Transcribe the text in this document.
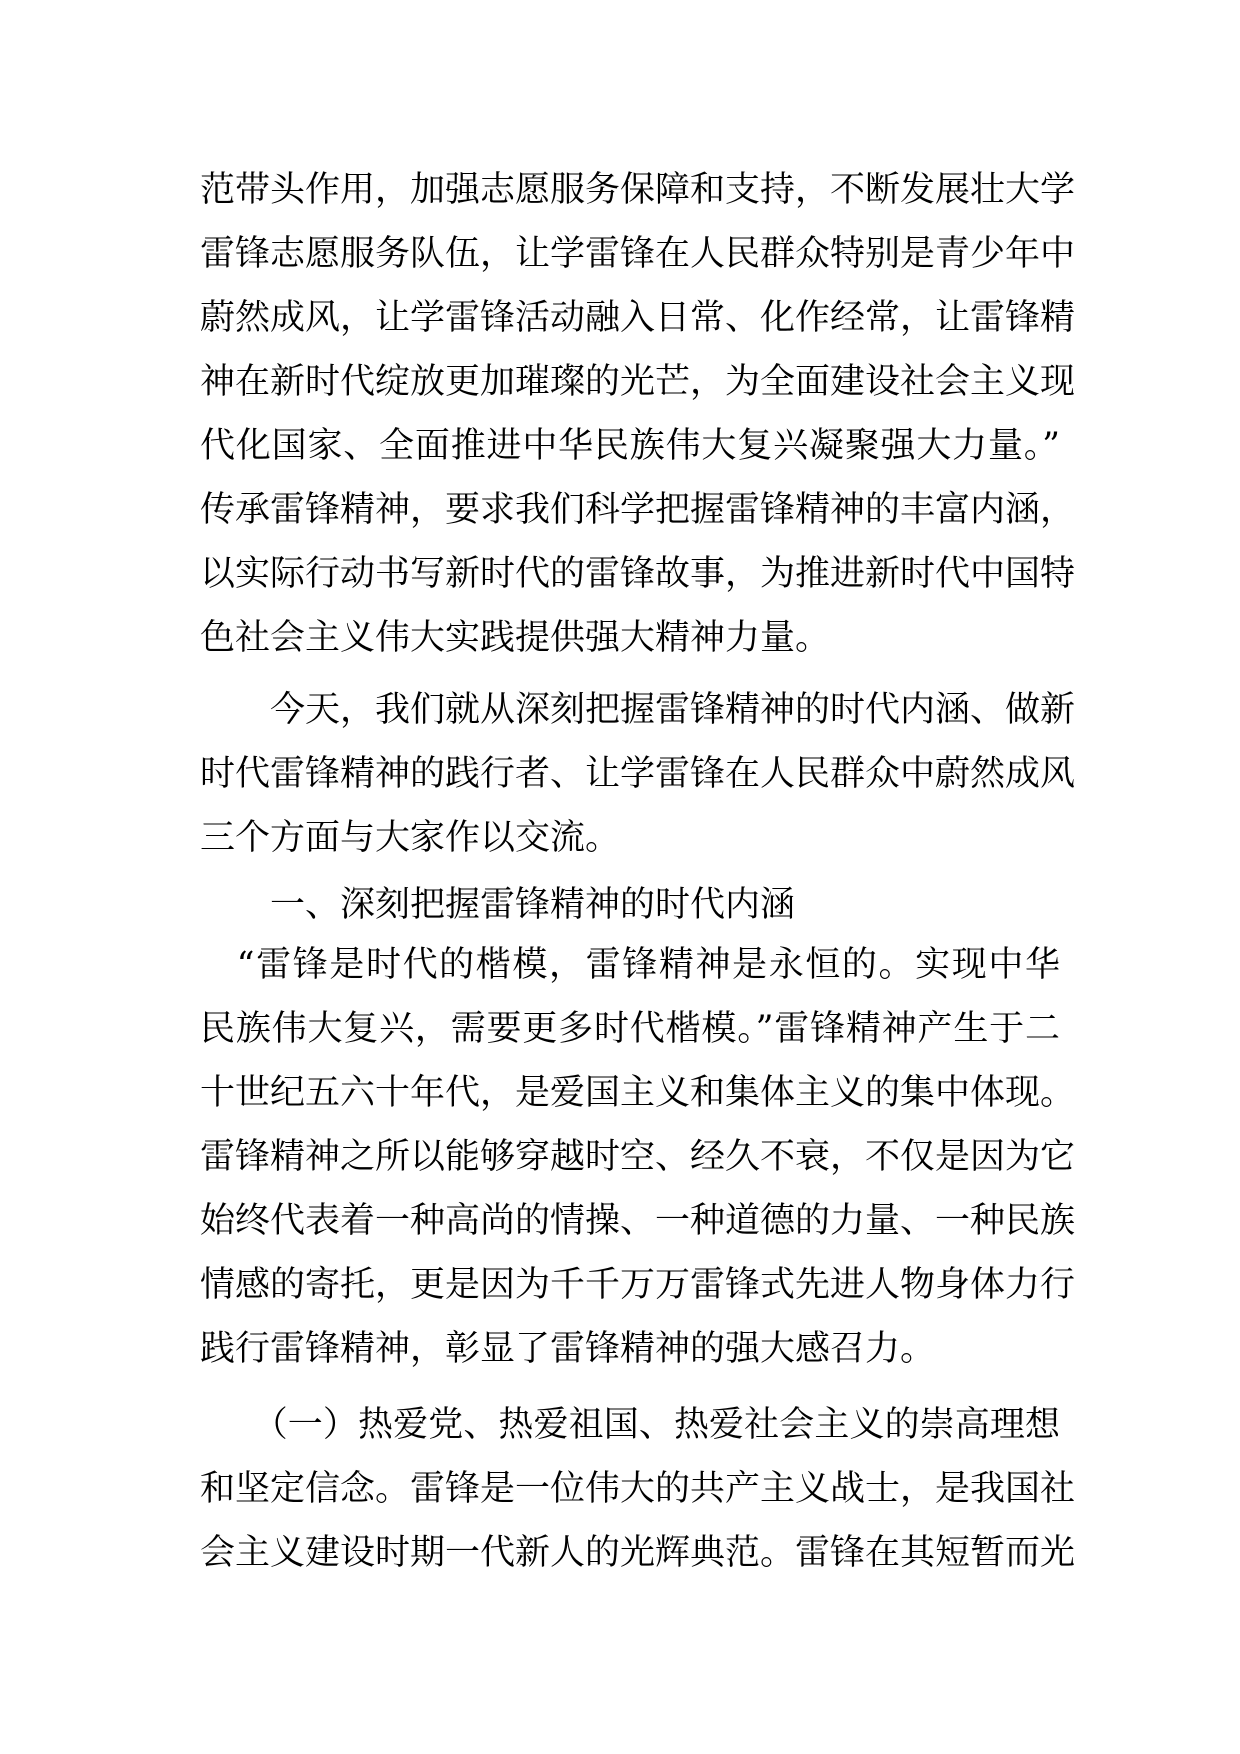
范带头作用，加强志愿服务保障和支持，不断发展壮大学
雷锋志愿服务队伍，让学雷锋在人民群众特别是青少年中
蔚然成风，让学雷锋活动融入日常、化作经常，让雷锋精
神在新时代绽放更加璀璨的光芒，为全面建设社会主义现
代化国家、全面推进中华民族伟大复兴凝聚强大力量。”
传承雷锋精神，要求我们科学把握雷锋精神的丰富内涵，
以实际行动书写新时代的雷锋故事，为推进新时代中国特
色社会主义伟大实践提供强大精神力量。
　　今天，我们就从深刻把握雷锋精神的时代内涵、做新
时代雷锋精神的践行者、让学雷锋在人民群众中蔚然成风
三个方面与大家作以交流。
　　一、深刻把握雷锋精神的时代内涵
　“雷锋是时代的楷模，雷锋精神是永恒的。实现中华
民族伟大复兴，需要更多时代楷模。”雷锋精神产生于二
十世纪五六十年代，是爱国主义和集体主义的集中体现。
雷锋精神之所以能够穿越时空、经久不衰，不仅是因为它
始终代表着一种高尚的情操、一种道德的力量、一种民族
情感的寄托，更是因为千千万万雷锋式先进人物身体力行
践行雷锋精神，彰显了雷锋精神的强大感召力。
　　（一）热爱党、热爱祖国、热爱社会主义的崇高理想
和坚定信念。雷锋是一位伟大的共产主义战士，是我国社
会主义建设时期一代新人的光辉典范。雷锋在其短暂而光
